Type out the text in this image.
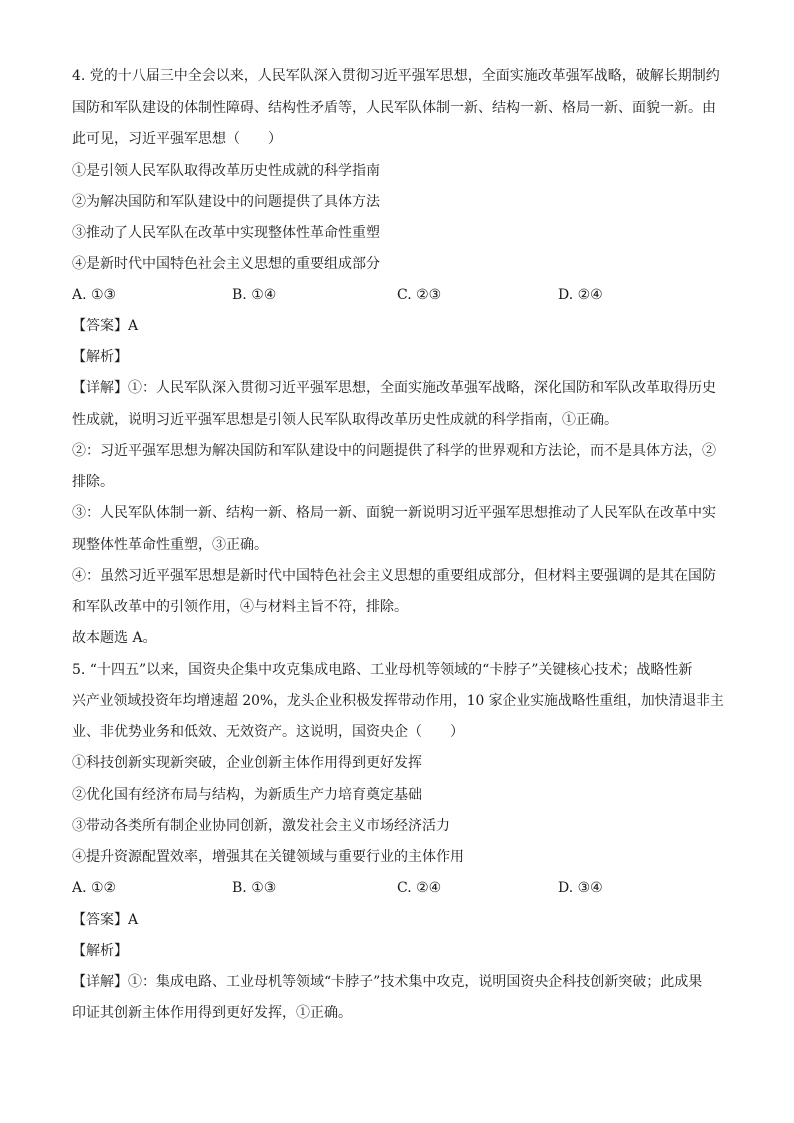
4. 党的十八届三中全会以来，人民军队深入贯彻习近平强军思想，全面实施改革强军战略，破解长期制约
国防和军队建设的体制性障碍、结构性矛盾等，人民军队体制一新、结构一新、格局一新、面貌一新。由
此可见，习近平强军思想（　　）
①是引领人民军队取得改革历史性成就的科学指南
②为解决国防和军队建设中的问题提供了具体方法
③推动了人民军队在改革中实现整体性革命性重塑
④是新时代中国特色社会主义思想的重要组成部分
A. ①③	B. ①④	C. ②③	D. ②④
【答案】A
【解析】
【详解】①：人民军队深入贯彻习近平强军思想，全面实施改革强军战略，深化国防和军队改革取得历史
性成就，说明习近平强军思想是引领人民军队取得改革历史性成就的科学指南，①正确。
②：习近平强军思想为解决国防和军队建设中的问题提供了科学的世界观和方法论，而不是具体方法，②
排除。
③：人民军队体制一新、结构一新、格局一新、面貌一新说明习近平强军思想推动了人民军队在改革中实
现整体性革命性重塑，③正确。
④：虽然习近平强军思想是新时代中国特色社会主义思想的重要组成部分，但材料主要强调的是其在国防
和军队改革中的引领作用，④与材料主旨不符，排除。
故本题选 A。
5. “十四五”以来，国资央企集中攻克集成电路、工业母机等领域的“卡脖子”关键核心技术；战略性新
兴产业领域投资年均增速超 20%，龙头企业积极发挥带动作用，10 家企业实施战略性重组，加快清退非主
业、非优势业务和低效、无效资产。这说明，国资央企（　　）
①科技创新实现新突破，企业创新主体作用得到更好发挥
②优化国有经济布局与结构，为新质生产力培育奠定基础
③带动各类所有制企业协同创新，激发社会主义市场经济活力
④提升资源配置效率，增强其在关键领域与重要行业的主体作用
A. ①②	B. ①③	C. ②④	D. ③④
【答案】A
【解析】
【详解】①：集成电路、工业母机等领域“卡脖子”技术集中攻克，说明国资央企科技创新突破；此成果
印证其创新主体作用得到更好发挥，①正确。
